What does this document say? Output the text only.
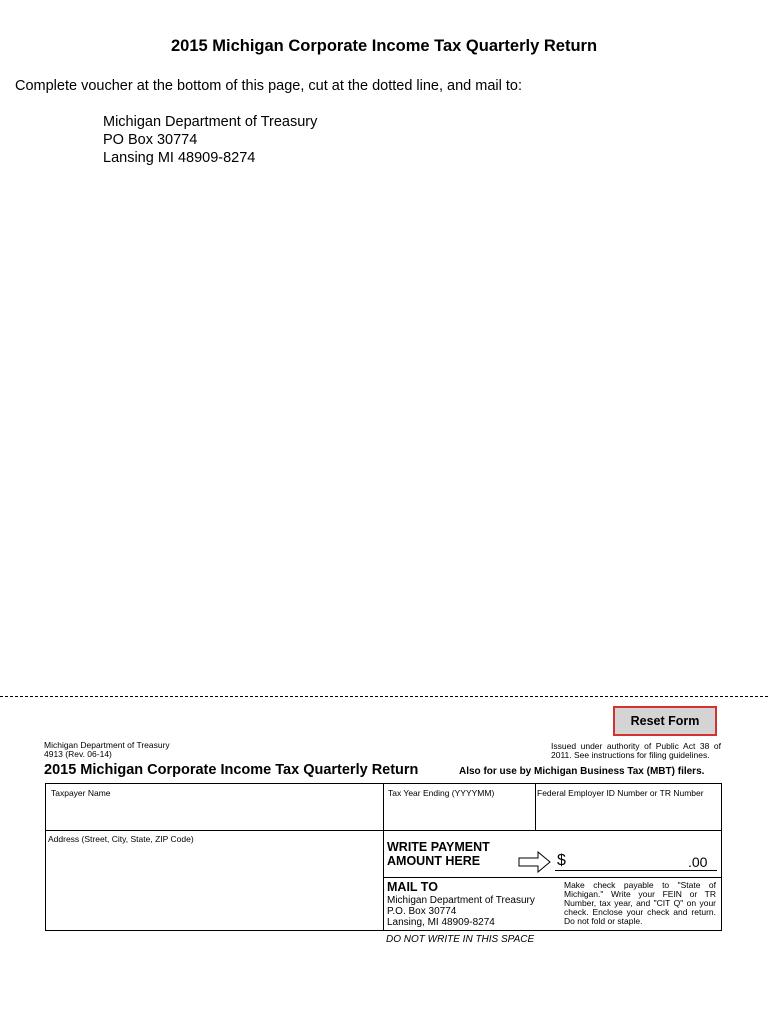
2015 Michigan Corporate Income Tax Quarterly Return
Complete voucher at the bottom of this page, cut at the dotted line, and mail to:
Michigan Department of Treasury
PO Box 30774
Lansing MI 48909-8274
Reset Form
Michigan Department of Treasury
4913 (Rev. 06-14)
Issued under authority of Public Act 38 of 2011. See instructions for filing guidelines.
2015 Michigan Corporate Income Tax Quarterly Return	Also for use by Michigan Business Tax (MBT) filers.
Taxpayer Name	Tax Year Ending (YYYYMM)	Federal Employer ID Number or TR Number
Address (Street, City, State, ZIP Code)
WRITE PAYMENT
AMOUNT HERE	$	.00
MAIL TO
Michigan Department of Treasury
P.O. Box 30774
Lansing, MI 48909-8274
Make check payable to "State of Michigan." Write your FEIN or TR Number, tax year, and "CIT Q" on your check. Enclose your check and return. Do not fold or staple.
DO NOT WRITE IN THIS SPACE
